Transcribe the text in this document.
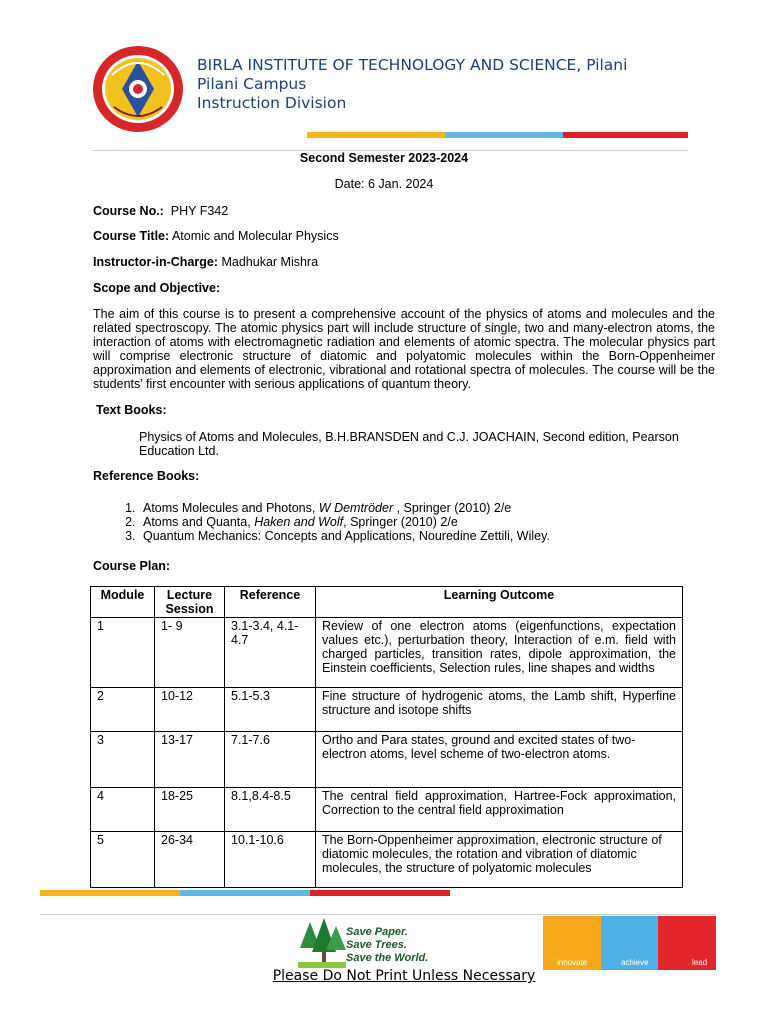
BIRLA INSTITUTE OF TECHNOLOGY AND SCIENCE, Pilani
Pilani Campus
Instruction Division
Second Semester 2023-2024
Date: 6 Jan. 2024
Course No.: PHY F342
Course Title: Atomic and Molecular Physics
Instructor-in-Charge: Madhukar Mishra
Scope and Objective:

The aim of this course is to present a comprehensive account of the physics of atoms and molecules and the related spectroscopy. The atomic physics part will include structure of single, two and many-electron atoms, the interaction of atoms with electromagnetic radiation and elements of atomic spectra. The molecular physics part will comprise electronic structure of diatomic and polyatomic molecules within the Born-Oppenheimer approximation and elements of electronic, vibrational and rotational spectra of molecules. The course will be the students’ first encounter with serious applications of quantum theory.

Text Books:
Physics of Atoms and Molecules, B.H.BRANSDEN and C.J. JOACHAIN, Second edition, Pearson
Education Ltd.
Reference Books:
1. Atoms Molecules and Photons, W Demtröder , Springer (2010) 2/e
2. Atoms and Quanta, Haken and Wolf, Springer (2010) 2/e
3. Quantum Mechanics: Concepts and Applications, Nouredine Zettili, Wiley.
Course Plan:
Module	Lecture Session	Reference	Learning Outcome
1	1- 9	3.1-3.4, 4.1-4.7	Review of one electron atoms (eigenfunctions, expectation values etc.), perturbation theory, Interaction of e.m. field with charged particles, transition rates, dipole approximation, the Einstein coefficients, Selection rules, line shapes and widths
2	10-12	5.1-5.3	Fine structure of hydrogenic atoms, the Lamb shift, Hyperfine structure and isotope shifts
3	13-17	7.1-7.6	Ortho and Para states, ground and excited states of two-electron atoms, level scheme of two-electron atoms.
4	18-25	8.1,8.4-8.5	The central field approximation, Hartree-Fock approximation, Correction to the central field approximation
5	26-34	10.1-10.6	The Born-Oppenheimer approximation, electronic structure of diatomic molecules, the rotation and vibration of diatomic molecules, the structure of polyatomic molecules
Save Paper.
Save Trees.
Save the World.	innovate	achieve	lead
Please Do Not Print Unless Necessary
